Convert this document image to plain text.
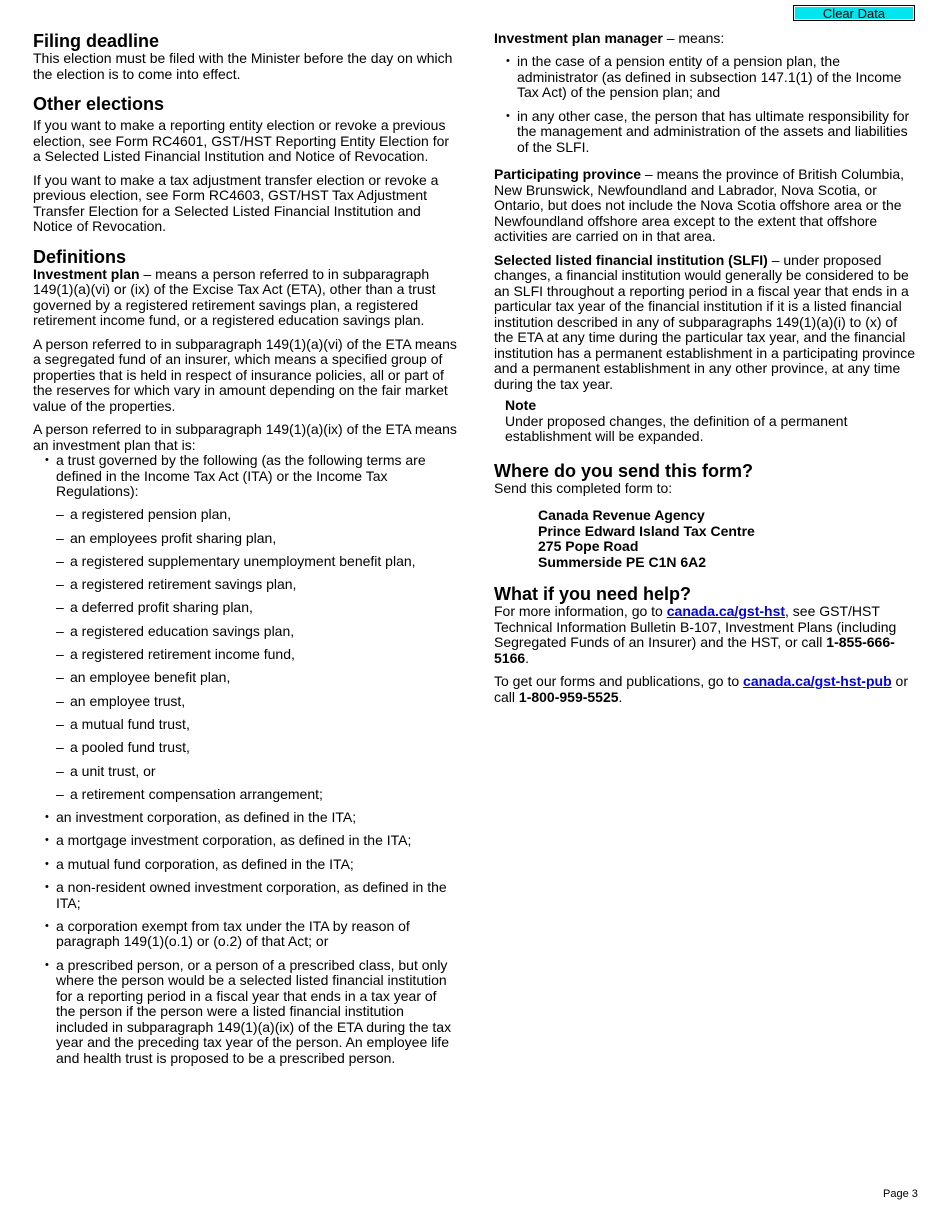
Clear Data
Filing deadline

This election must be filed with the Minister before the day on which the election is to come into effect.

Other elections

If you want to make a reporting entity election or revoke a previous election, see Form RC4601, GST/HST Reporting Entity Election for a Selected Listed Financial Institution and Notice of Revocation.

If you want to make a tax adjustment transfer election or revoke a previous election, see Form RC4603, GST/HST Tax Adjustment Transfer Election for a Selected Listed Financial Institution and Notice of Revocation.

Definitions

Investment plan – means a person referred to in subparagraph 149(1)(a)(vi) or (ix) of the Excise Tax Act (ETA), other than a trust governed by a registered retirement savings plan, a registered retirement income fund, or a registered education savings plan.

A person referred to in subparagraph 149(1)(a)(vi) of the ETA means a segregated fund of an insurer, which means a specified group of properties that is held in respect of insurance policies, all or part of the reserves for which vary in amount depending on the fair market value of the properties.

A person referred to in subparagraph 149(1)(a)(ix) of the ETA means an investment plan that is:

• a trust governed by the following (as the following terms are defined in the Income Tax Act (ITA) or the Income Tax Regulations):
– a registered pension plan,
– an employees profit sharing plan,
– a registered supplementary unemployment benefit plan,
– a registered retirement savings plan,
– a deferred profit sharing plan,
– a registered education savings plan,
– a registered retirement income fund,
– an employee benefit plan,
– an employee trust,
– a mutual fund trust,
– a pooled fund trust,
– a unit trust, or
– a retirement compensation arrangement;
• an investment corporation, as defined in the ITA;
• a mortgage investment corporation, as defined in the ITA;
• a mutual fund corporation, as defined in the ITA;
• a non-resident owned investment corporation, as defined in the ITA;
• a corporation exempt from tax under the ITA by reason of paragraph 149(1)(o.1) or (o.2) of that Act; or
• a prescribed person, or a person of a prescribed class, but only where the person would be a selected listed financial institution for a reporting period in a fiscal year that ends in a tax year of the person if the person were a listed financial institution included in subparagraph 149(1)(a)(ix) of the ETA during the tax year and the preceding tax year of the person. An employee life and health trust is proposed to be a prescribed person.

Investment plan manager – means:

• in the case of a pension entity of a pension plan, the administrator (as defined in subsection 147.1(1) of the Income Tax Act) of the pension plan; and
• in any other case, the person that has ultimate responsibility for the management and administration of the assets and liabilities of the SLFI.

Participating province – means the province of British Columbia, New Brunswick, Newfoundland and Labrador, Nova Scotia, or Ontario, but does not include the Nova Scotia offshore area or the Newfoundland offshore area except to the extent that offshore activities are carried on in that area.

Selected listed financial institution (SLFI) – under proposed changes, a financial institution would generally be considered to be an SLFI throughout a reporting period in a fiscal year that ends in a particular tax year of the financial institution if it is a listed financial institution described in any of subparagraphs 149(1)(a)(i) to (x) of the ETA at any time during the particular tax year, and the financial institution has a permanent establishment in a participating province and a permanent establishment in any other province, at any time during the tax year.

Note

Under proposed changes, the definition of a permanent establishment will be expanded.

Where do you send this form?

Send this completed form to:

Canada Revenue Agency
Prince Edward Island Tax Centre
275 Pope Road
Summerside PE C1N 6A2
What if you need help?

For more information, go to canada.ca/gst-hst, see GST/HST Technical Information Bulletin B-107, Investment Plans (including Segregated Funds of an Insurer) and the HST, or call 1-855-666-5166.

To get our forms and publications, go to canada.ca/gst-hst-pub or call 1-800-959-5525.

Page 3
